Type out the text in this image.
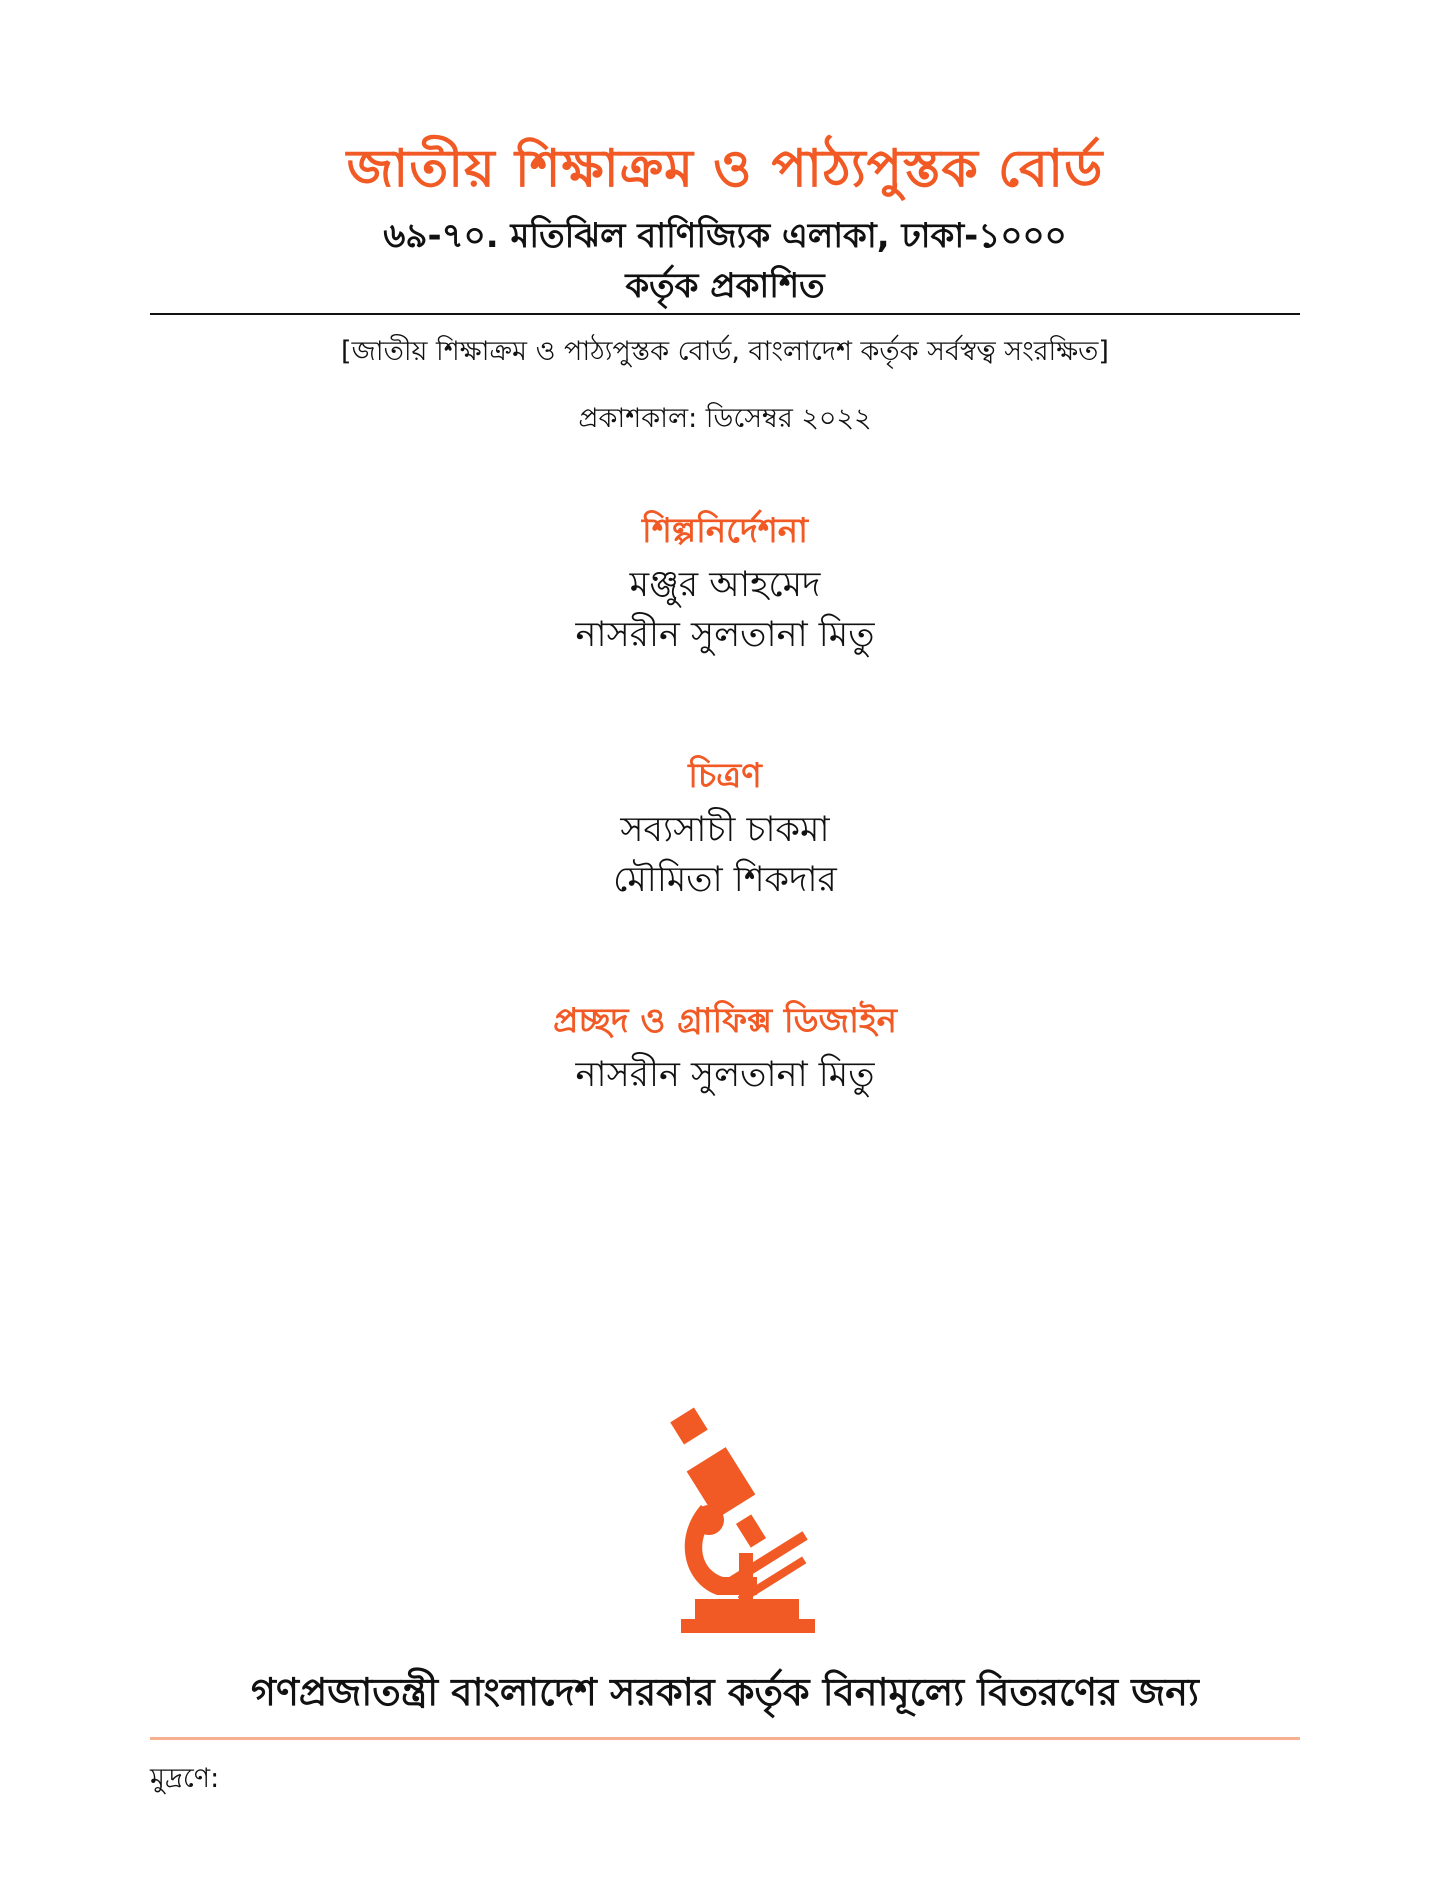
জাতীয় শিক্ষাক্রম ও পাঠ্যপুস্তক বোর্ড
৬৯-৭০. মতিঝিল বাণিজ্যিক এলাকা, ঢাকা-১০০০
কর্তৃক প্রকাশিত
[জাতীয় শিক্ষাক্রম ও পাঠ্যপুস্তক বোর্ড, বাংলাদেশ কর্তৃক সর্বস্বত্ব সংরক্ষিত]
প্রকাশকাল: ডিসেম্বর ২০২২
শিল্পনির্দেশনা
মঞ্জুর আহমেদ
নাসরীন সুলতানা মিতু
চিত্রণ
সব্যসাচী চাকমা
মৌমিতা শিকদার
প্রচ্ছদ ও গ্রাফিক্স ডিজাইন
নাসরীন সুলতানা মিতু
গণপ্রজাতন্ত্রী বাংলাদেশ সরকার কর্তৃক বিনামূল্যে বিতরণের জন্য
মুদ্রণে:
